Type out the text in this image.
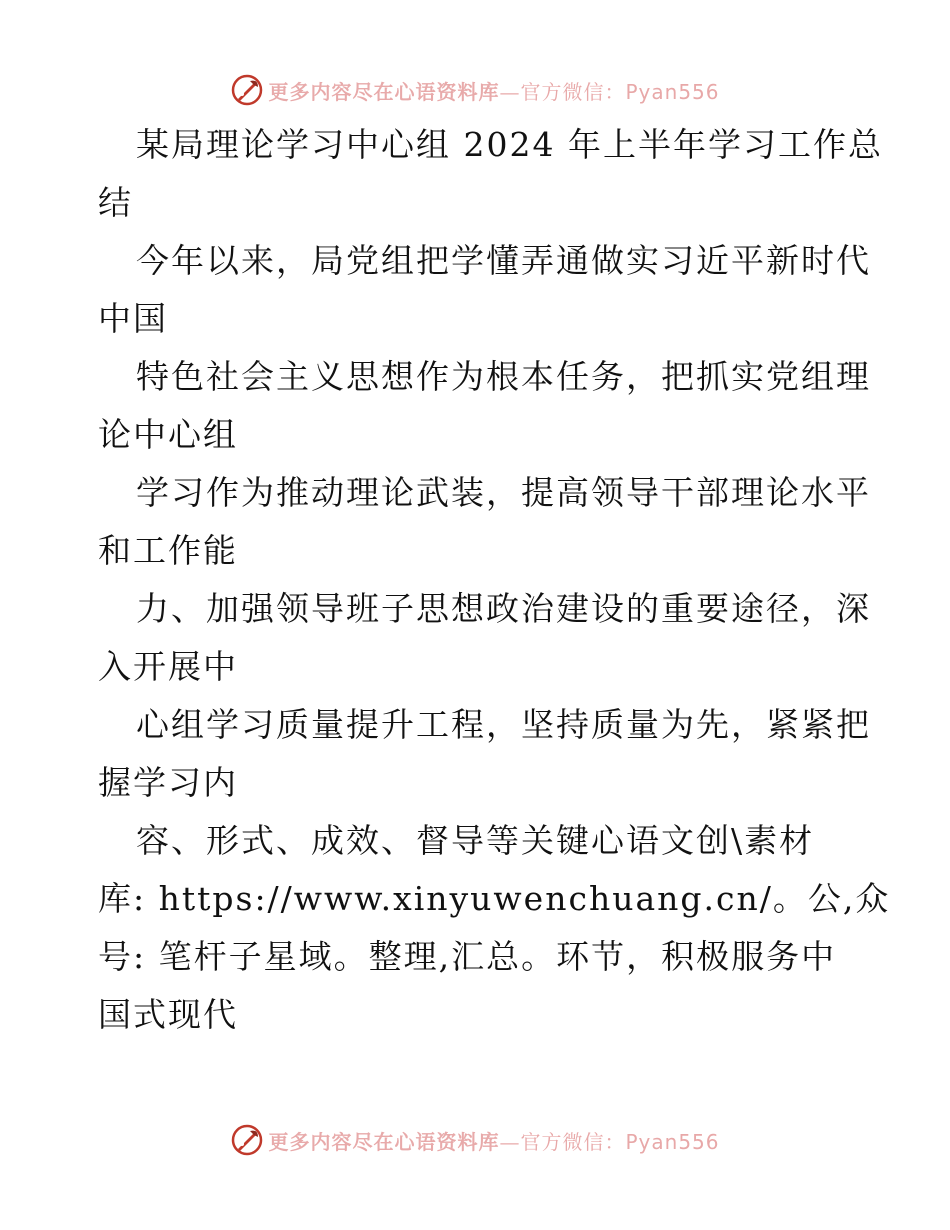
更多内容尽在心语资料库—官方微信：Pyan556
某局理论学习中心组 2024 年上半年学习工作总
结
今年以来，局党组把学懂弄通做实习近平新时代
中国
特色社会主义思想作为根本任务，把抓实党组理
论中心组
学习作为推动理论武装，提高领导干部理论水平
和工作能
力、加强领导班子思想政治建设的重要途径，深
入开展中
心组学习质量提升工程，坚持质量为先，紧紧把
握学习内
容、形式、成效、督导等关键心语文创\素材
库: https://www.xinyuwenchuang.cn/。公,众
号: 笔杆子星域。整理,汇总。环节，积极服务中
国式现代
更多内容尽在心语资料库—官方微信：Pyan556
